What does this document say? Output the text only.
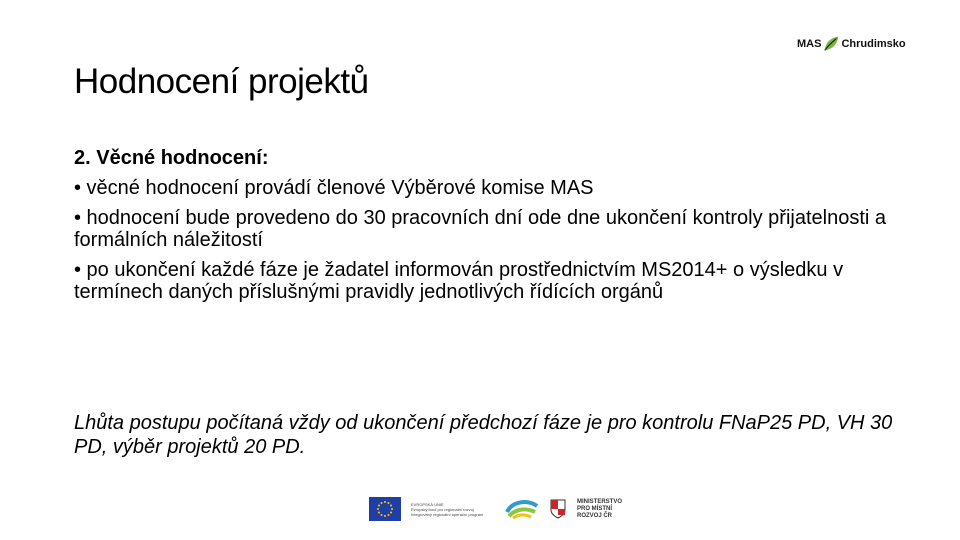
MAS Chrudimsko
Hodnocení projektů

2. Věcné hodnocení:

• věcné hodnocení provádí členové Výběrové komise MAS

• hodnocení bude provedeno do 30 pracovních dní ode dne ukončení kontroly přijatelnosti a formálních náležitostí

• po ukončení každé fáze je žadatel informován prostřednictvím MS2014+ o výsledku v termínech daných příslušnými pravidly jednotlivých řídících orgánů

Lhůta postupu počítaná vždy od ukončení předchozí fáze je pro kontrolu FNaP25 PD, VH 30 PD, výběr projektů 20 PD.

EVROPSKÁ UNIE
Evropský fond pro regionální rozvoj
Integrovaný regionální operační program
MINISTERSTVO
PRO MÍSTNÍ
ROZVOJ ČR
